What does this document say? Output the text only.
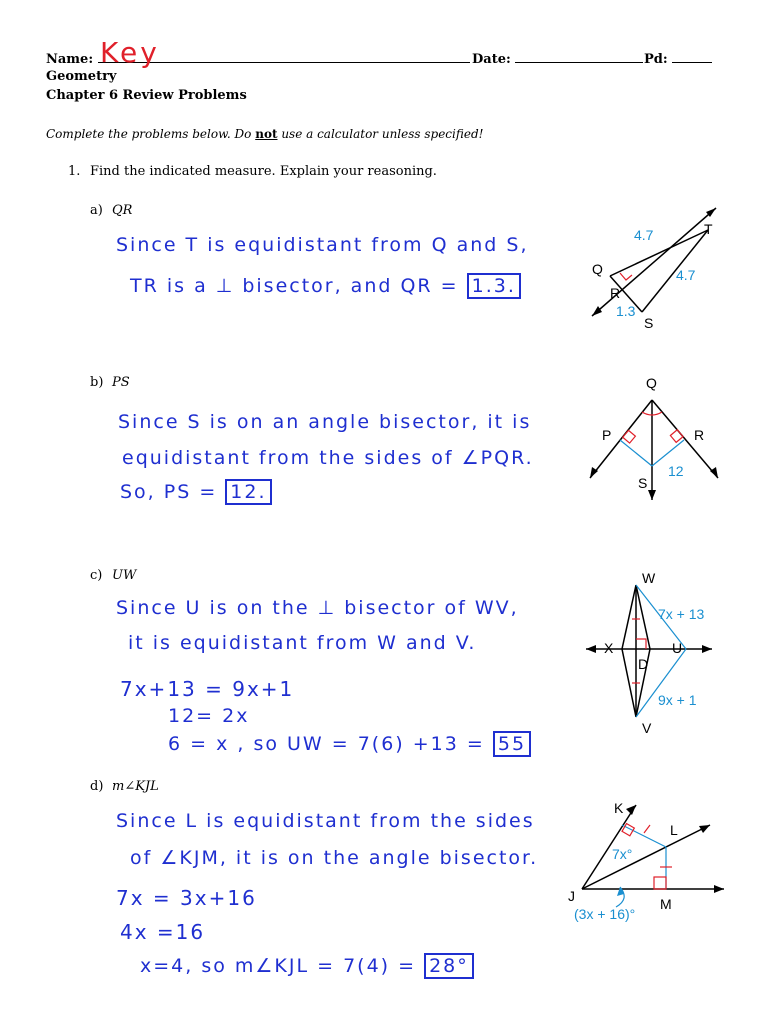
Name: Key	Date:	Pd:
Geometry
Chapter 6 Review Problems
Complete the problems below. Do not use a calculator unless specified!
1. Find the indicated measure. Explain your reasoning.
a) QR
Since T is equidistant from Q and S,
TR is a ⊥ bisector, and QR = 1.3.
T
Q
R
S
4.7
4.7
1.3
b) PS
Since S is on an angle bisector, it is
equidistant from the sides of ∠PQR.
So, PS = 12.
Q
P	R
S
12
c) UW
Since U is on the ⊥ bisector of WV,
it is equidistant from W and V.
7x+13 = 9x+1
12= 2x
6 = x , so UW = 7(6) +13 = 55
W
X	U
D
V
7x + 13
9x + 1
d) m∠KJL
Since L is equidistant from the sides
of ∠KJM, it is on the angle bisector.
7x = 3x+16
4x =16
x=4, so m∠KJL = 7(4) = 28°
K
L
J	M
7x°
(3x + 16)°
